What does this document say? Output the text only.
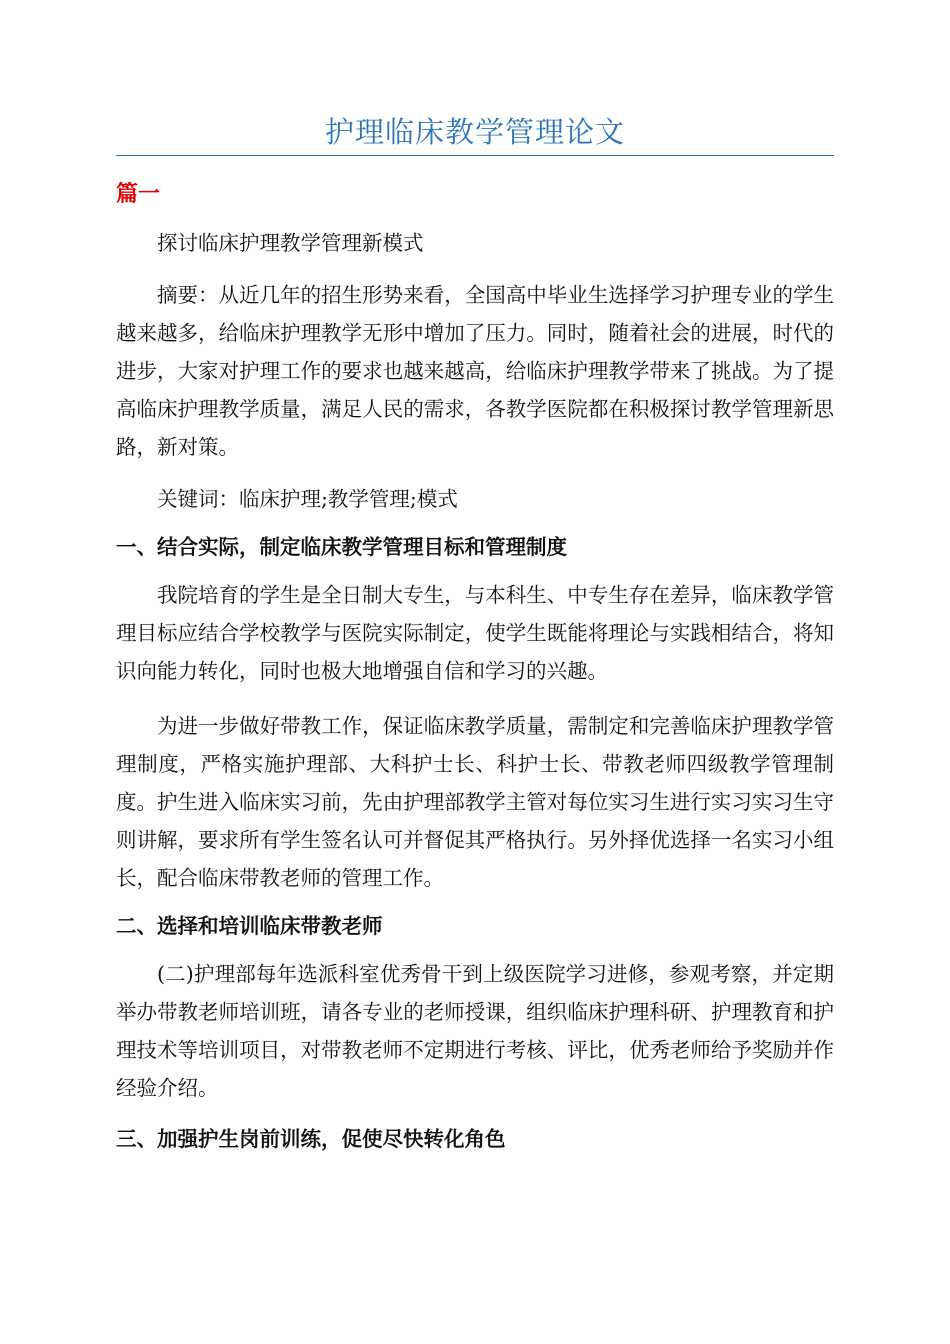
护理临床教学管理论文
篇一

探讨临床护理教学管理新模式

摘要：从近几年的招生形势来看，全国高中毕业生选择学习护理专业的学生越来越多，给临床护理教学无形中增加了压力。同时，随着社会的进展，时代的进步，大家对护理工作的要求也越来越高，给临床护理教学带来了挑战。为了提高临床护理教学质量，满足人民的需求，各教学医院都在积极探讨教学管理新思路，新对策。

关键词：临床护理;教学管理;模式

一、结合实际，制定临床教学管理目标和管理制度

我院培育的学生是全日制大专生，与本科生、中专生存在差异，临床教学管理目标应结合学校教学与医院实际制定，使学生既能将理论与实践相结合，将知识向能力转化，同时也极大地增强自信和学习的兴趣。

为进一步做好带教工作，保证临床教学质量，需制定和完善临床护理教学管理制度，严格实施护理部、大科护士长、科护士长、带教老师四级教学管理制度。护生进入临床实习前，先由护理部教学主管对每位实习生进行实习实习生守则讲解，要求所有学生签名认可并督促其严格执行。另外择优选择一名实习小组长，配合临床带教老师的管理工作。

二、选择和培训临床带教老师

(二)护理部每年选派科室优秀骨干到上级医院学习进修，参观考察，并定期举办带教老师培训班，请各专业的老师授课，组织临床护理科研、护理教育和护理技术等培训项目，对带教老师不定期进行考核、评比，优秀老师给予奖励并作经验介绍。

三、加强护生岗前训练，促使尽快转化角色
